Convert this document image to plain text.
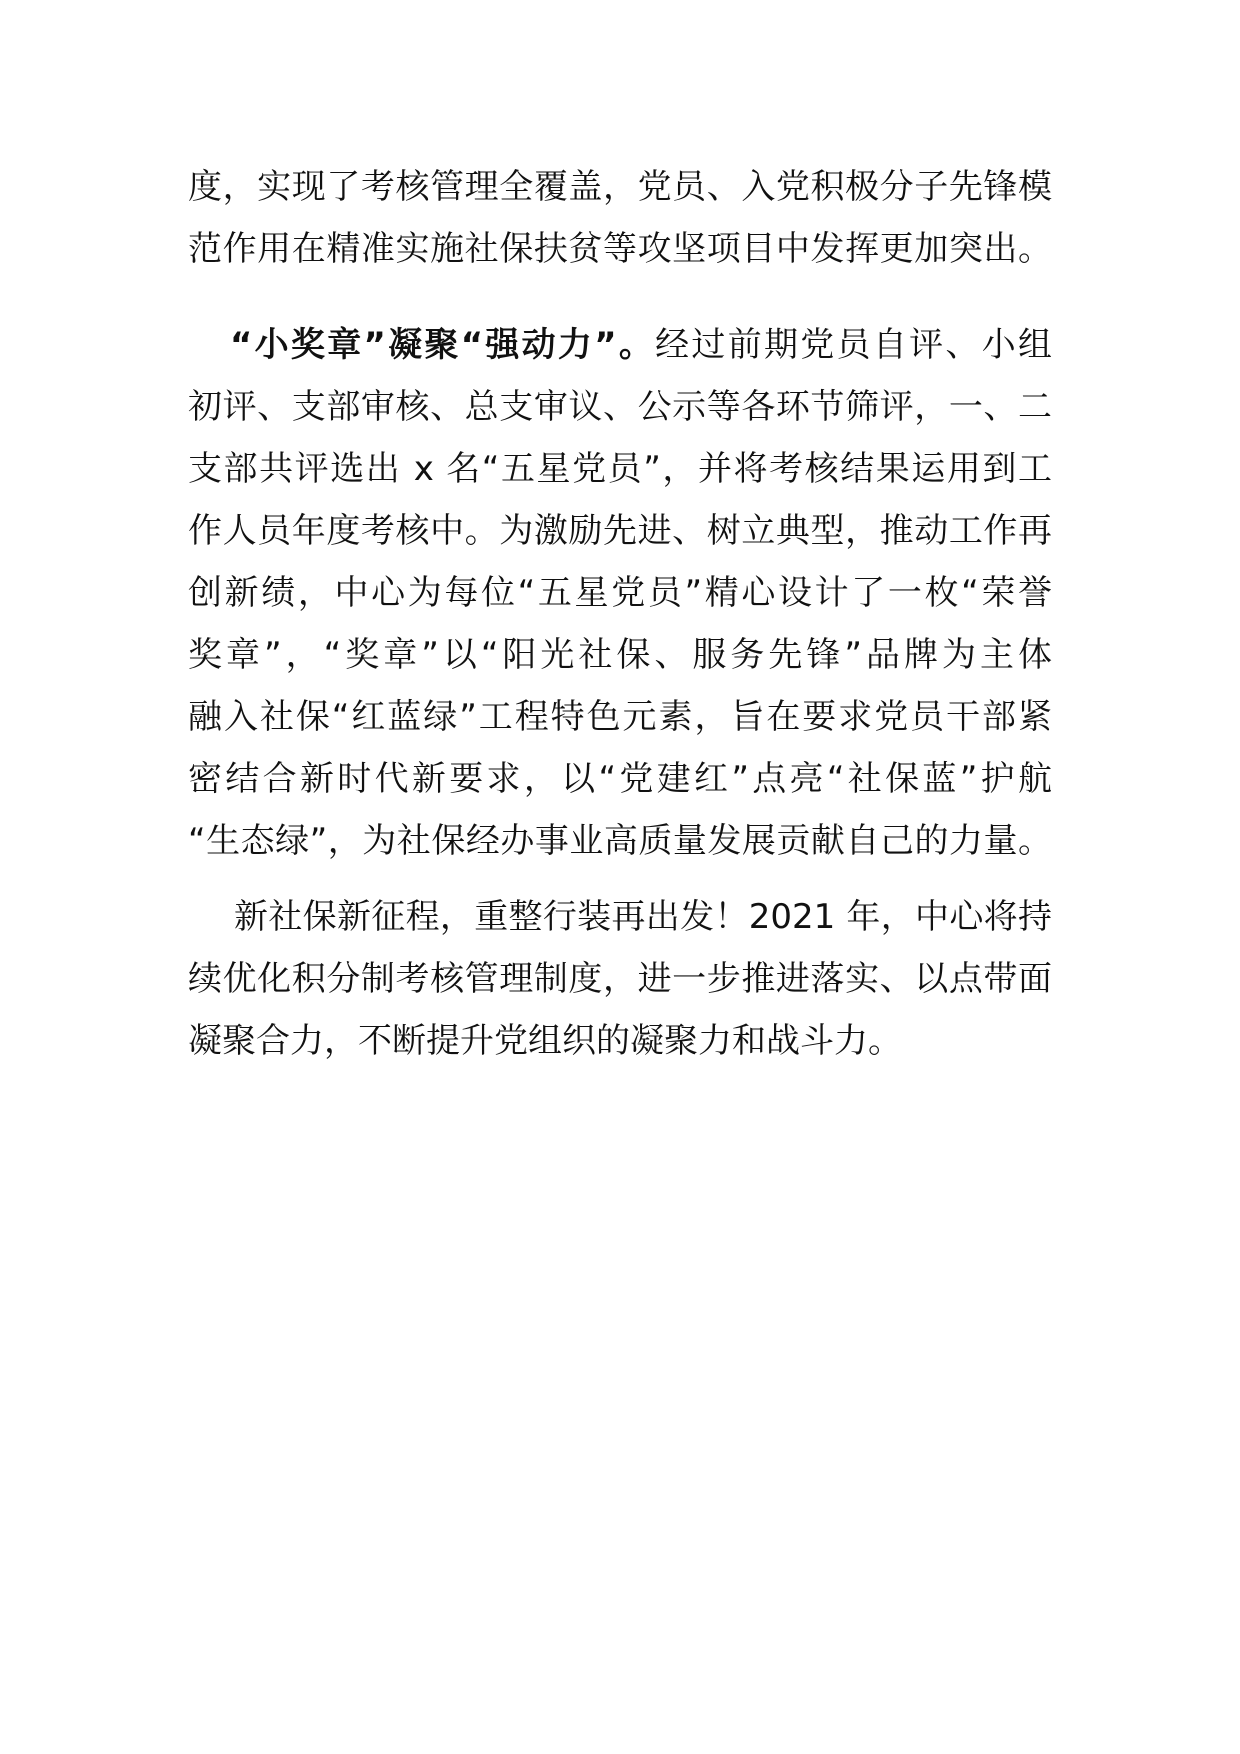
度，实现了考核管理全覆盖，党员、入党积极分子先锋模
范作用在精准实施社保扶贫等攻坚项目中发挥更加突出。
“小奖章”凝聚“强动力”。经过前期党员自评、小组
初评、支部审核、总支审议、公示等各环节筛评，一、二
支部共评选出 x 名“五星党员”，并将考核结果运用到工
作人员年度考核中。为激励先进、树立典型，推动工作再
创新绩，中心为每位“五星党员”精心设计了一枚“荣誉
奖章”，“奖章”以“阳光社保、服务先锋”品牌为主体
融入社保“红蓝绿”工程特色元素，旨在要求党员干部紧
密结合新时代新要求，以“党建红”点亮“社保蓝”护航
“生态绿”，为社保经办事业高质量发展贡献自己的力量。
新社保新征程，重整行装再出发！2021 年，中心将持
续优化积分制考核管理制度，进一步推进落实、以点带面
凝聚合力，不断提升党组织的凝聚力和战斗力。
